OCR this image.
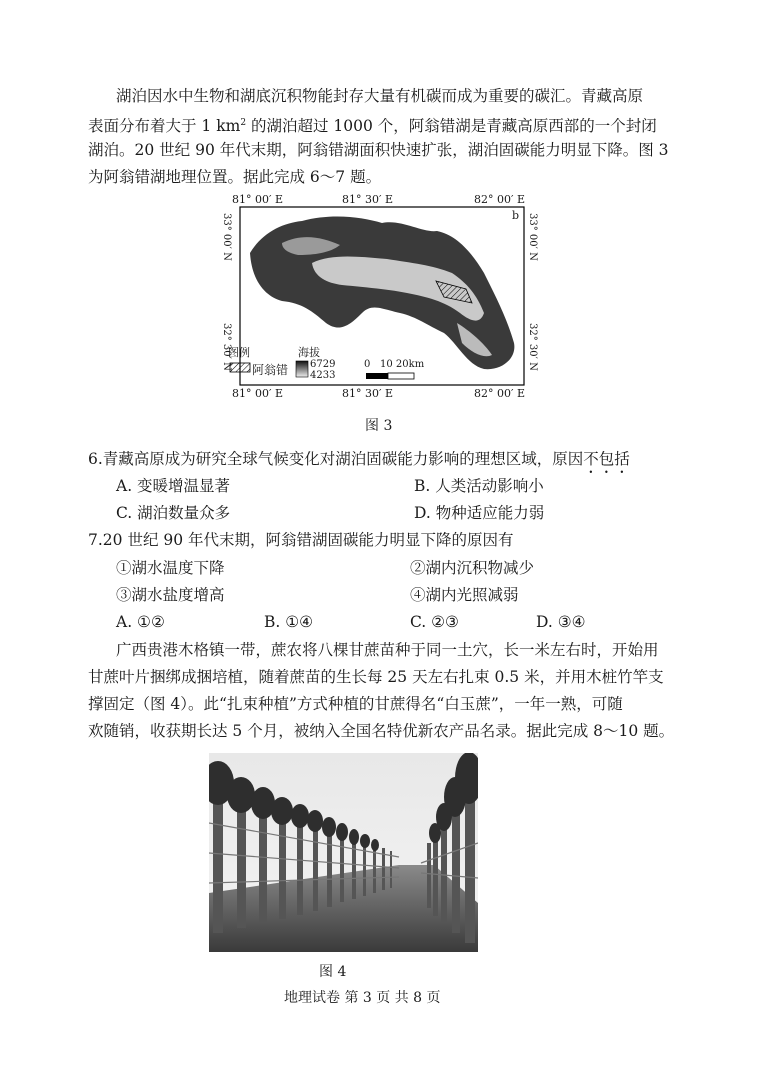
湖泊因水中生物和湖底沉积物能封存大量有机碳而成为重要的碳汇。青藏高原
表面分布着大于 1 $km^2$ 的湖泊超过 1000 个，阿翁错湖是青藏高原西部的一个封闭
湖泊。20 世纪 90 年代末期，阿翁错湖面积快速扩张，湖泊固碳能力明显下降。图 3
为阿翁错湖地理位置。据此完成 6～7 题。
81° 00′ E	81° 30′ E	82° 00′ E
b
图例
阿翁错
海拔
6729
4233
0 10 20km
33° 00′ N
32° 30′ N
33° 00′ N
32° 30′ N
81° 00′ E	81° 30′ E	82° 00′ E
图 3
6.青藏高原成为研究全球气候变化对湖泊固碳能力影响的理想区域，原因不包括
A. 变暖增温显著	B. 人类活动影响小
C. 湖泊数量众多	D. 物种适应能力弱
7.20 世纪 90 年代末期，阿翁错湖固碳能力明显下降的原因有
①湖水温度下降	②湖内沉积物减少
③湖水盐度增高	④湖内光照减弱
A. ①②	B. ①④	C. ②③	D. ③④
广西贵港木格镇一带，蔗农将八棵甘蔗苗种于同一土穴，长一米左右时，开始用
甘蔗叶片捆绑成捆培植，随着蔗苗的生长每 25 天左右扎束 0.5 米，并用木桩竹竿支
撑固定（图 4）。此“扎束种植”方式种植的甘蔗得名“白玉蔗”，一年一熟，可随
欢随销，收获期长达 5 个月，被纳入全国名特优新农产品名录。据此完成 8～10 题。
图 4
地理试卷 第 3 页 共 8 页
